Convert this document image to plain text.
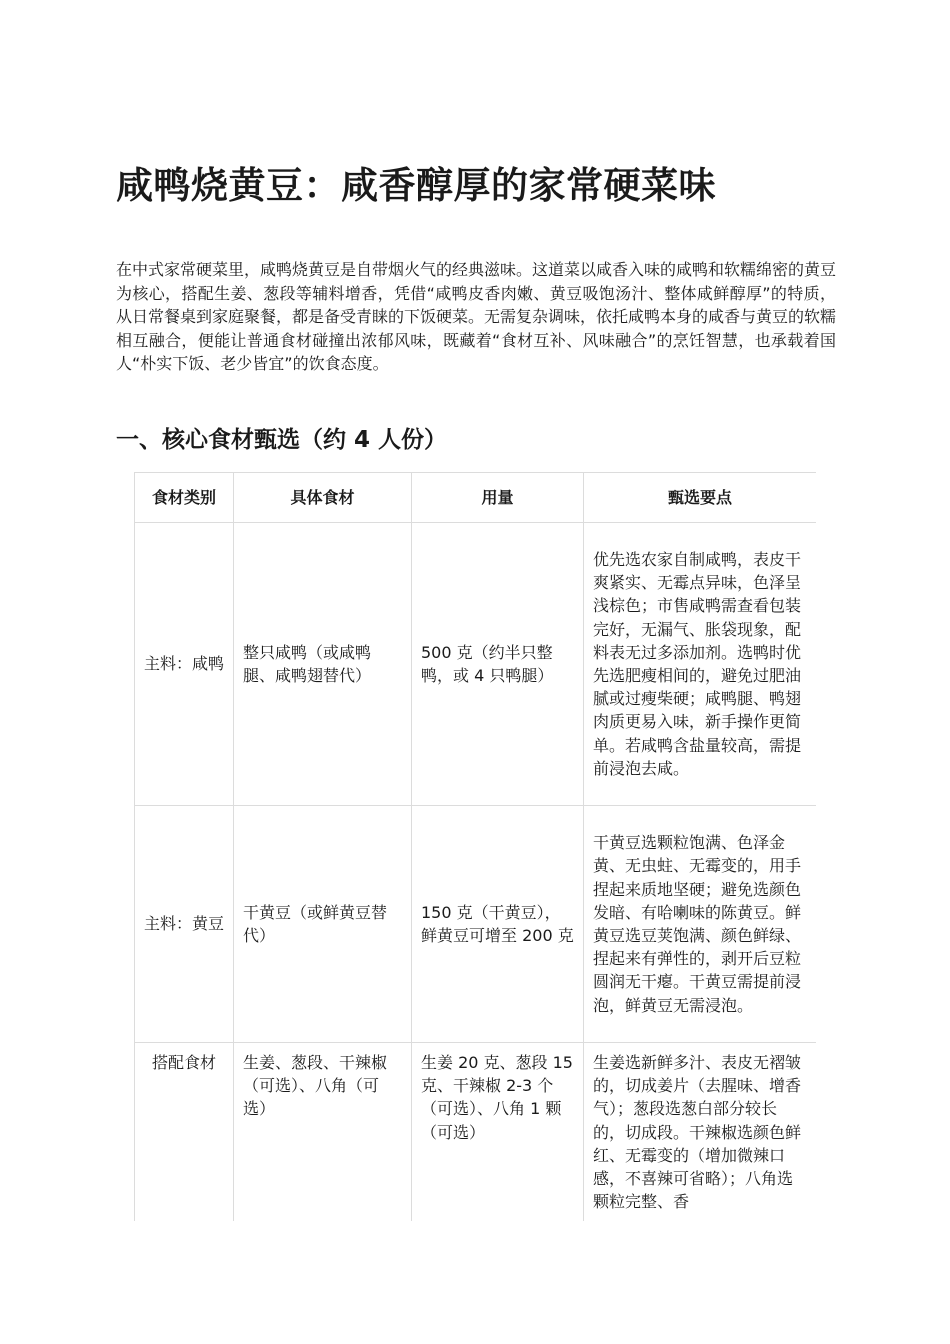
咸鸭烧黄豆：咸香醇厚的家常硬菜味

在中式家常硬菜里，咸鸭烧黄豆是自带烟火气的经典滋味。这道菜以咸香入味的咸鸭和软糯绵密的黄豆为核心，搭配生姜、葱段等辅料增香，凭借“咸鸭皮香肉嫩、黄豆吸饱汤汁、整体咸鲜醇厚”的特质，从日常餐桌到家庭聚餐，都是备受青睐的下饭硬菜。无需复杂调味，依托咸鸭本身的咸香与黄豆的软糯相互融合，便能让普通食材碰撞出浓郁风味，既藏着“食材互补、风味融合”的烹饪智慧，也承载着国人“朴实下饭、老少皆宜”的饮食态度。

一、核心食材甄选（约 4 人份）
食材类别	具体食材	用量	甄选要点
主料：咸鸭	整只咸鸭（或咸鸭腿、咸鸭翅替代）	500 克（约半只整鸭，或 4 只鸭腿）	优先选农家自制咸鸭，表皮干爽紧实、无霉点异味，色泽呈浅棕色；市售咸鸭需查看包装完好，无漏气、胀袋现象，配料表无过多添加剂。选鸭时优先选肥瘦相间的，避免过肥油腻或过瘦柴硬；咸鸭腿、鸭翅肉质更易入味，新手操作更简单。若咸鸭含盐量较高，需提前浸泡去咸。
主料：黄豆	干黄豆（或鲜黄豆替代）	150 克（干黄豆），鲜黄豆可增至 200 克	干黄豆选颗粒饱满、色泽金黄、无虫蛀、无霉变的，用手捏起来质地坚硬；避免选颜色发暗、有哈喇味的陈黄豆。鲜黄豆选豆荚饱满、颜色鲜绿、捏起来有弹性的，剥开后豆粒圆润无干瘪。干黄豆需提前浸泡，鲜黄豆无需浸泡。
搭配食材	生姜、葱段、干辣椒（可选）、八角（可选）	生姜 20 克、葱段 15 克、干辣椒 2-3 个（可选）、八角 1 颗（可选）	生姜选新鲜多汁、表皮无褶皱的，切成姜片（去腥味、增香气）；葱段选葱白部分较长的，切成段。干辣椒选颜色鲜红、无霉变的（增加微辣口感，不喜辣可省略）；八角选颗粒完整、香
